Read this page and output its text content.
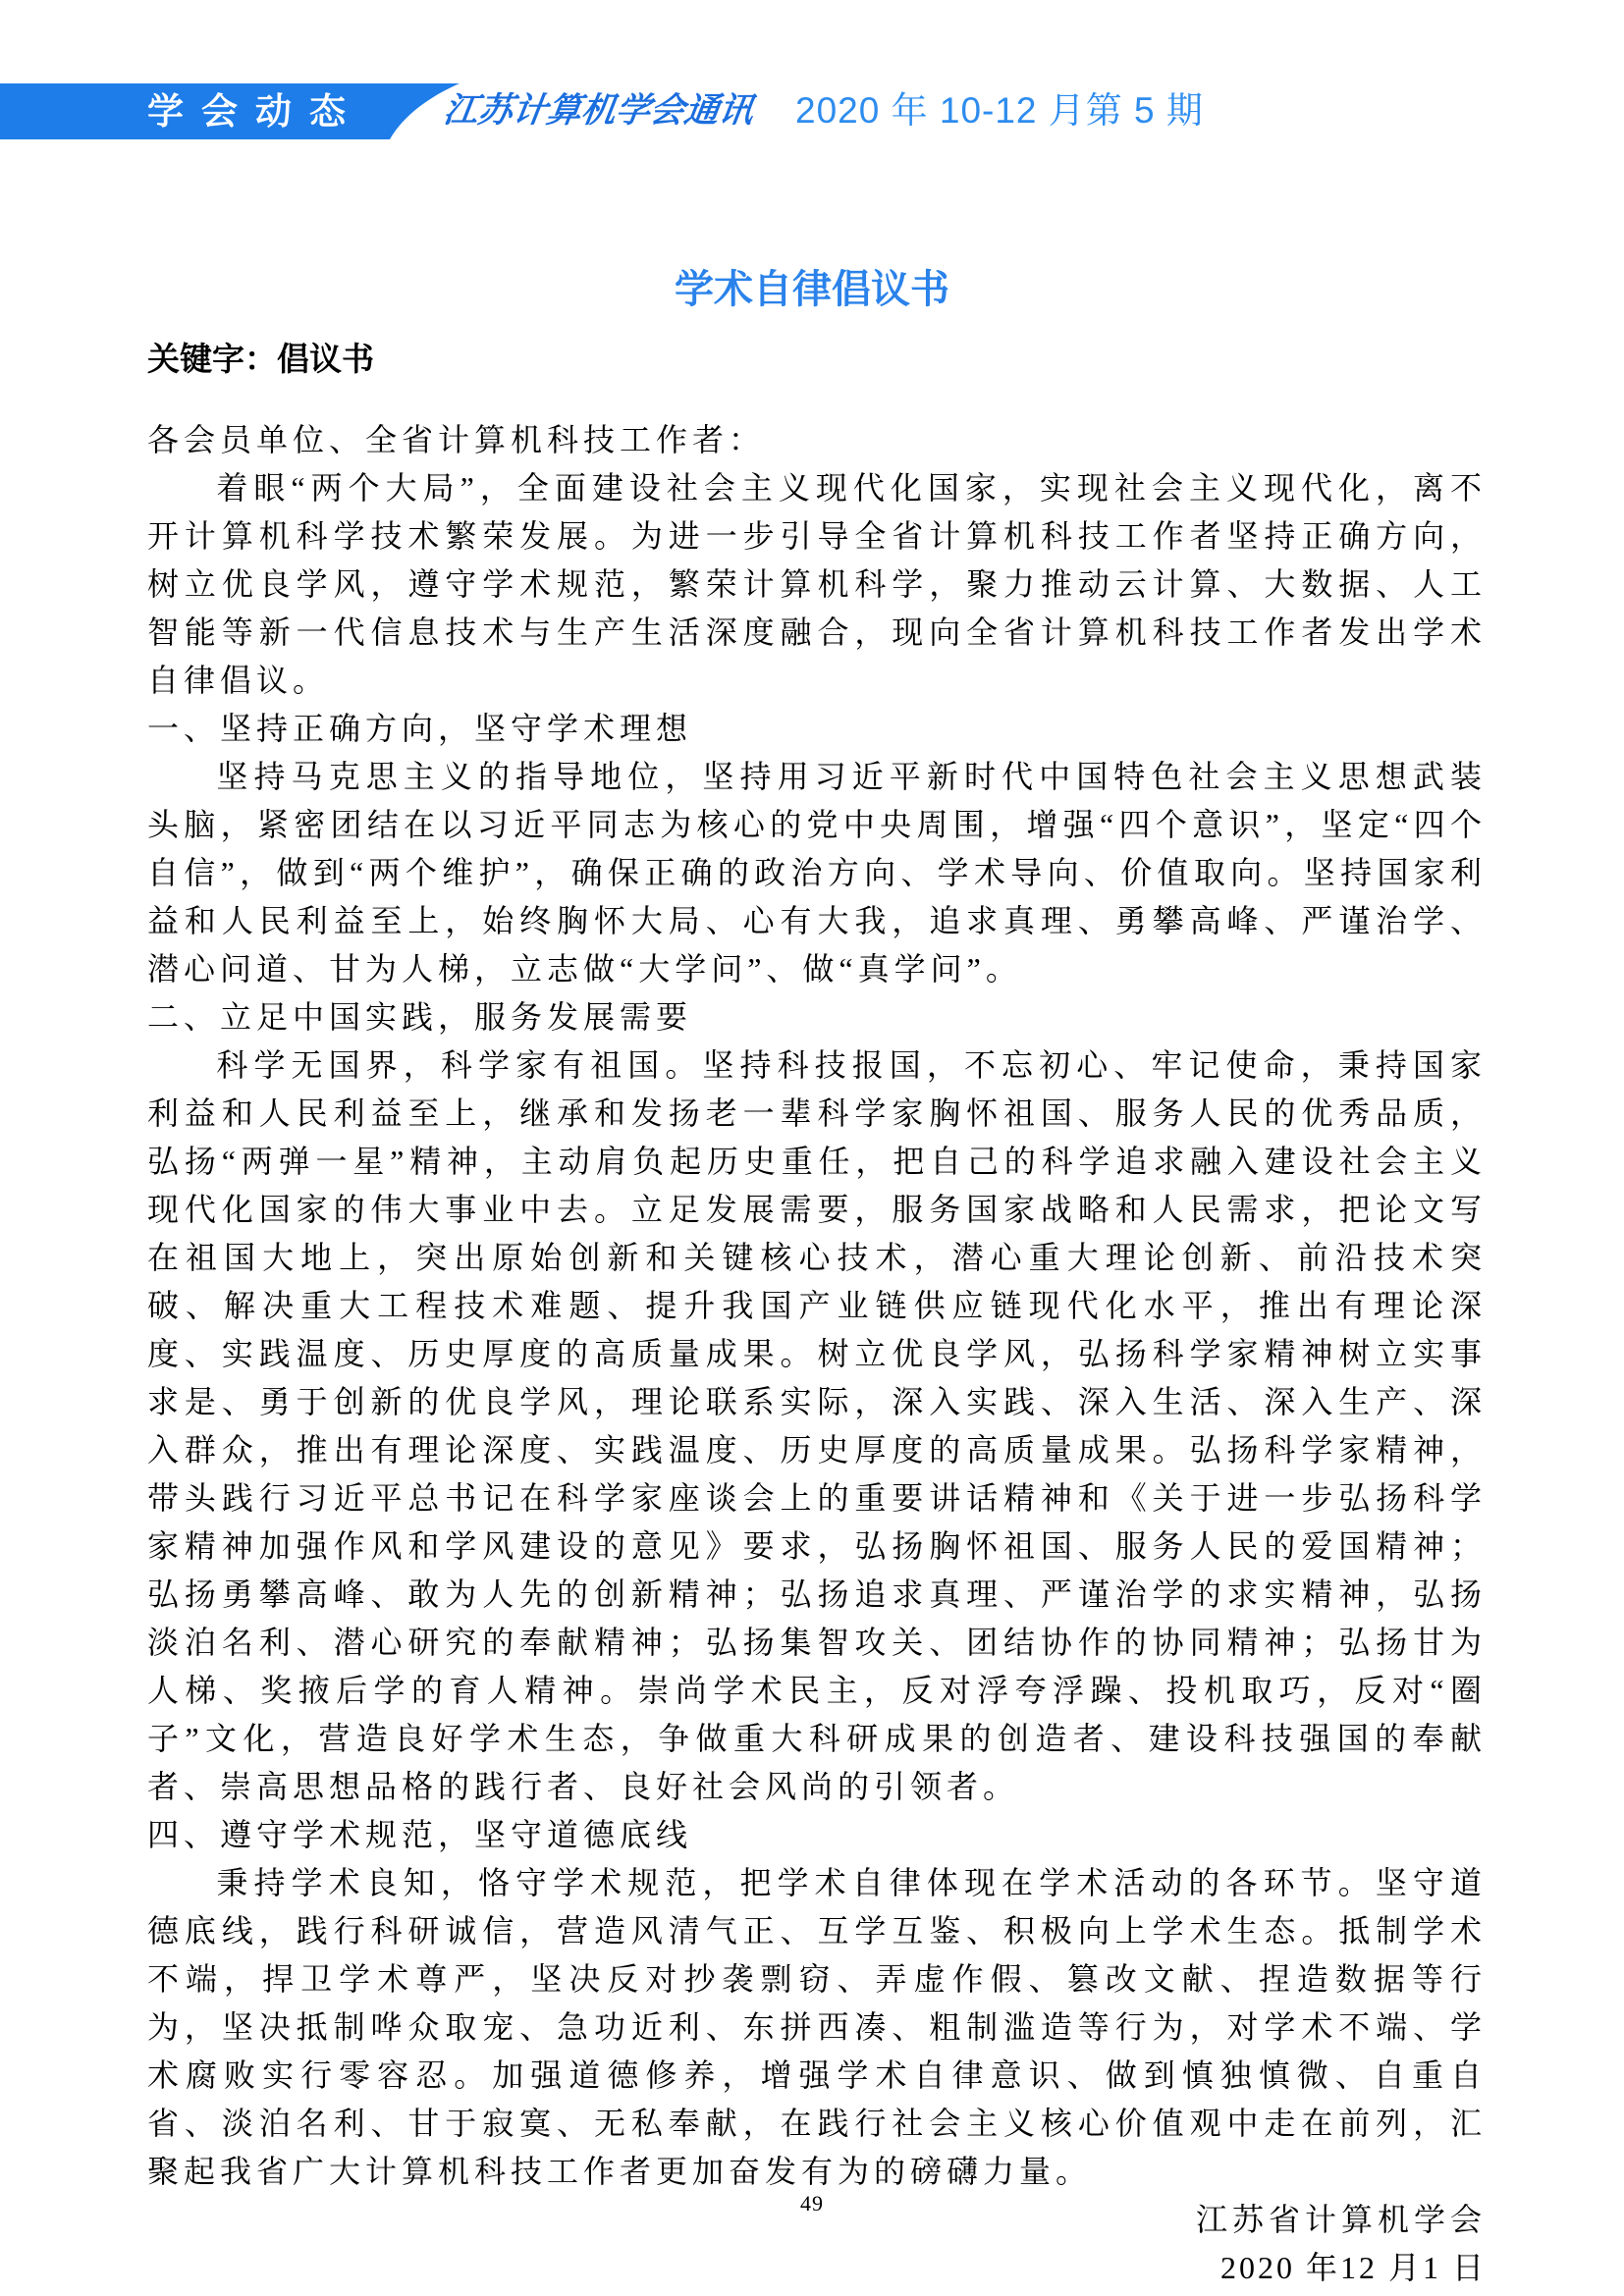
学会动态 江苏计算机学会通讯 2020 年 10-12 月第 5 期
学术自律倡议书
关键字：倡议书

各会员单位、全省计算机科技工作者：

着眼“两个大局”，全面建设社会主义现代化国家，实现社会主义现代化，离不开计算机科学技术繁荣发展。为进一步引导全省计算机科技工作者坚持正确方向，树立优良学风，遵守学术规范，繁荣计算机科学，聚力推动云计算、大数据、人工智能等新一代信息技术与生产生活深度融合，现向全省计算机科技工作者发出学术自律倡议。

一、坚持正确方向，坚守学术理想

坚持马克思主义的指导地位，坚持用习近平新时代中国特色社会主义思想武装头脑，紧密团结在以习近平同志为核心的党中央周围，增强“四个意识”，坚定“四个自信”，做到“两个维护”，确保正确的政治方向、学术导向、价值取向。坚持国家利益和人民利益至上，始终胸怀大局、心有大我，追求真理、勇攀高峰、严谨治学、潜心问道、甘为人梯，立志做“大学问”、做“真学问”。

二、立足中国实践，服务发展需要

科学无国界，科学家有祖国。坚持科技报国，不忘初心、牢记使命，秉持国家利益和人民利益至上，继承和发扬老一辈科学家胸怀祖国、服务人民的优秀品质，弘扬“两弹一星”精神，主动肩负起历史重任，把自己的科学追求融入建设社会主义现代化国家的伟大事业中去。立足发展需要，服务国家战略和人民需求，把论文写在祖国大地上，突出原始创新和关键核心技术，潜心重大理论创新、前沿技术突破、解决重大工程技术难题、提升我国产业链供应链现代化水平，推出有理论深度、实践温度、历史厚度的高质量成果。树立优良学风，弘扬科学家精神树立实事求是、勇于创新的优良学风，理论联系实际，深入实践、深入生活、深入生产、深入群众，推出有理论深度、实践温度、历史厚度的高质量成果。弘扬科学家精神，带头践行习近平总书记在科学家座谈会上的重要讲话精神和《关于进一步弘扬科学家精神加强作风和学风建设的意见》要求，弘扬胸怀祖国、服务人民的爱国精神；弘扬勇攀高峰、敢为人先的创新精神；弘扬追求真理、严谨治学的求实精神，弘扬淡泊名利、潜心研究的奉献精神；弘扬集智攻关、团结协作的协同精神；弘扬甘为人梯、奖掖后学的育人精神。崇尚学术民主，反对浮夸浮躁、投机取巧，反对“圈子”文化，营造良好学术生态，争做重大科研成果的创造者、建设科技强国的奉献者、崇高思想品格的践行者、良好社会风尚的引领者。

四、遵守学术规范，坚守道德底线

秉持学术良知，恪守学术规范，把学术自律体现在学术活动的各环节。坚守道德底线，践行科研诚信，营造风清气正、互学互鉴、积极向上学术生态。抵制学术不端，捍卫学术尊严，坚决反对抄袭剽窃、弄虚作假、篡改文献、捏造数据等行为，坚决抵制哗众取宠、急功近利、东拼西凑、粗制滥造等行为，对学术不端、学术腐败实行零容忍。加强道德修养，增强学术自律意识、做到慎独慎微、自重自省、淡泊名利、甘于寂寞、无私奉献，在践行社会主义核心价值观中走在前列，汇聚起我省广大计算机科技工作者更加奋发有为的磅礴力量。

江苏省计算机学会

2020 年12 月1 日

49
